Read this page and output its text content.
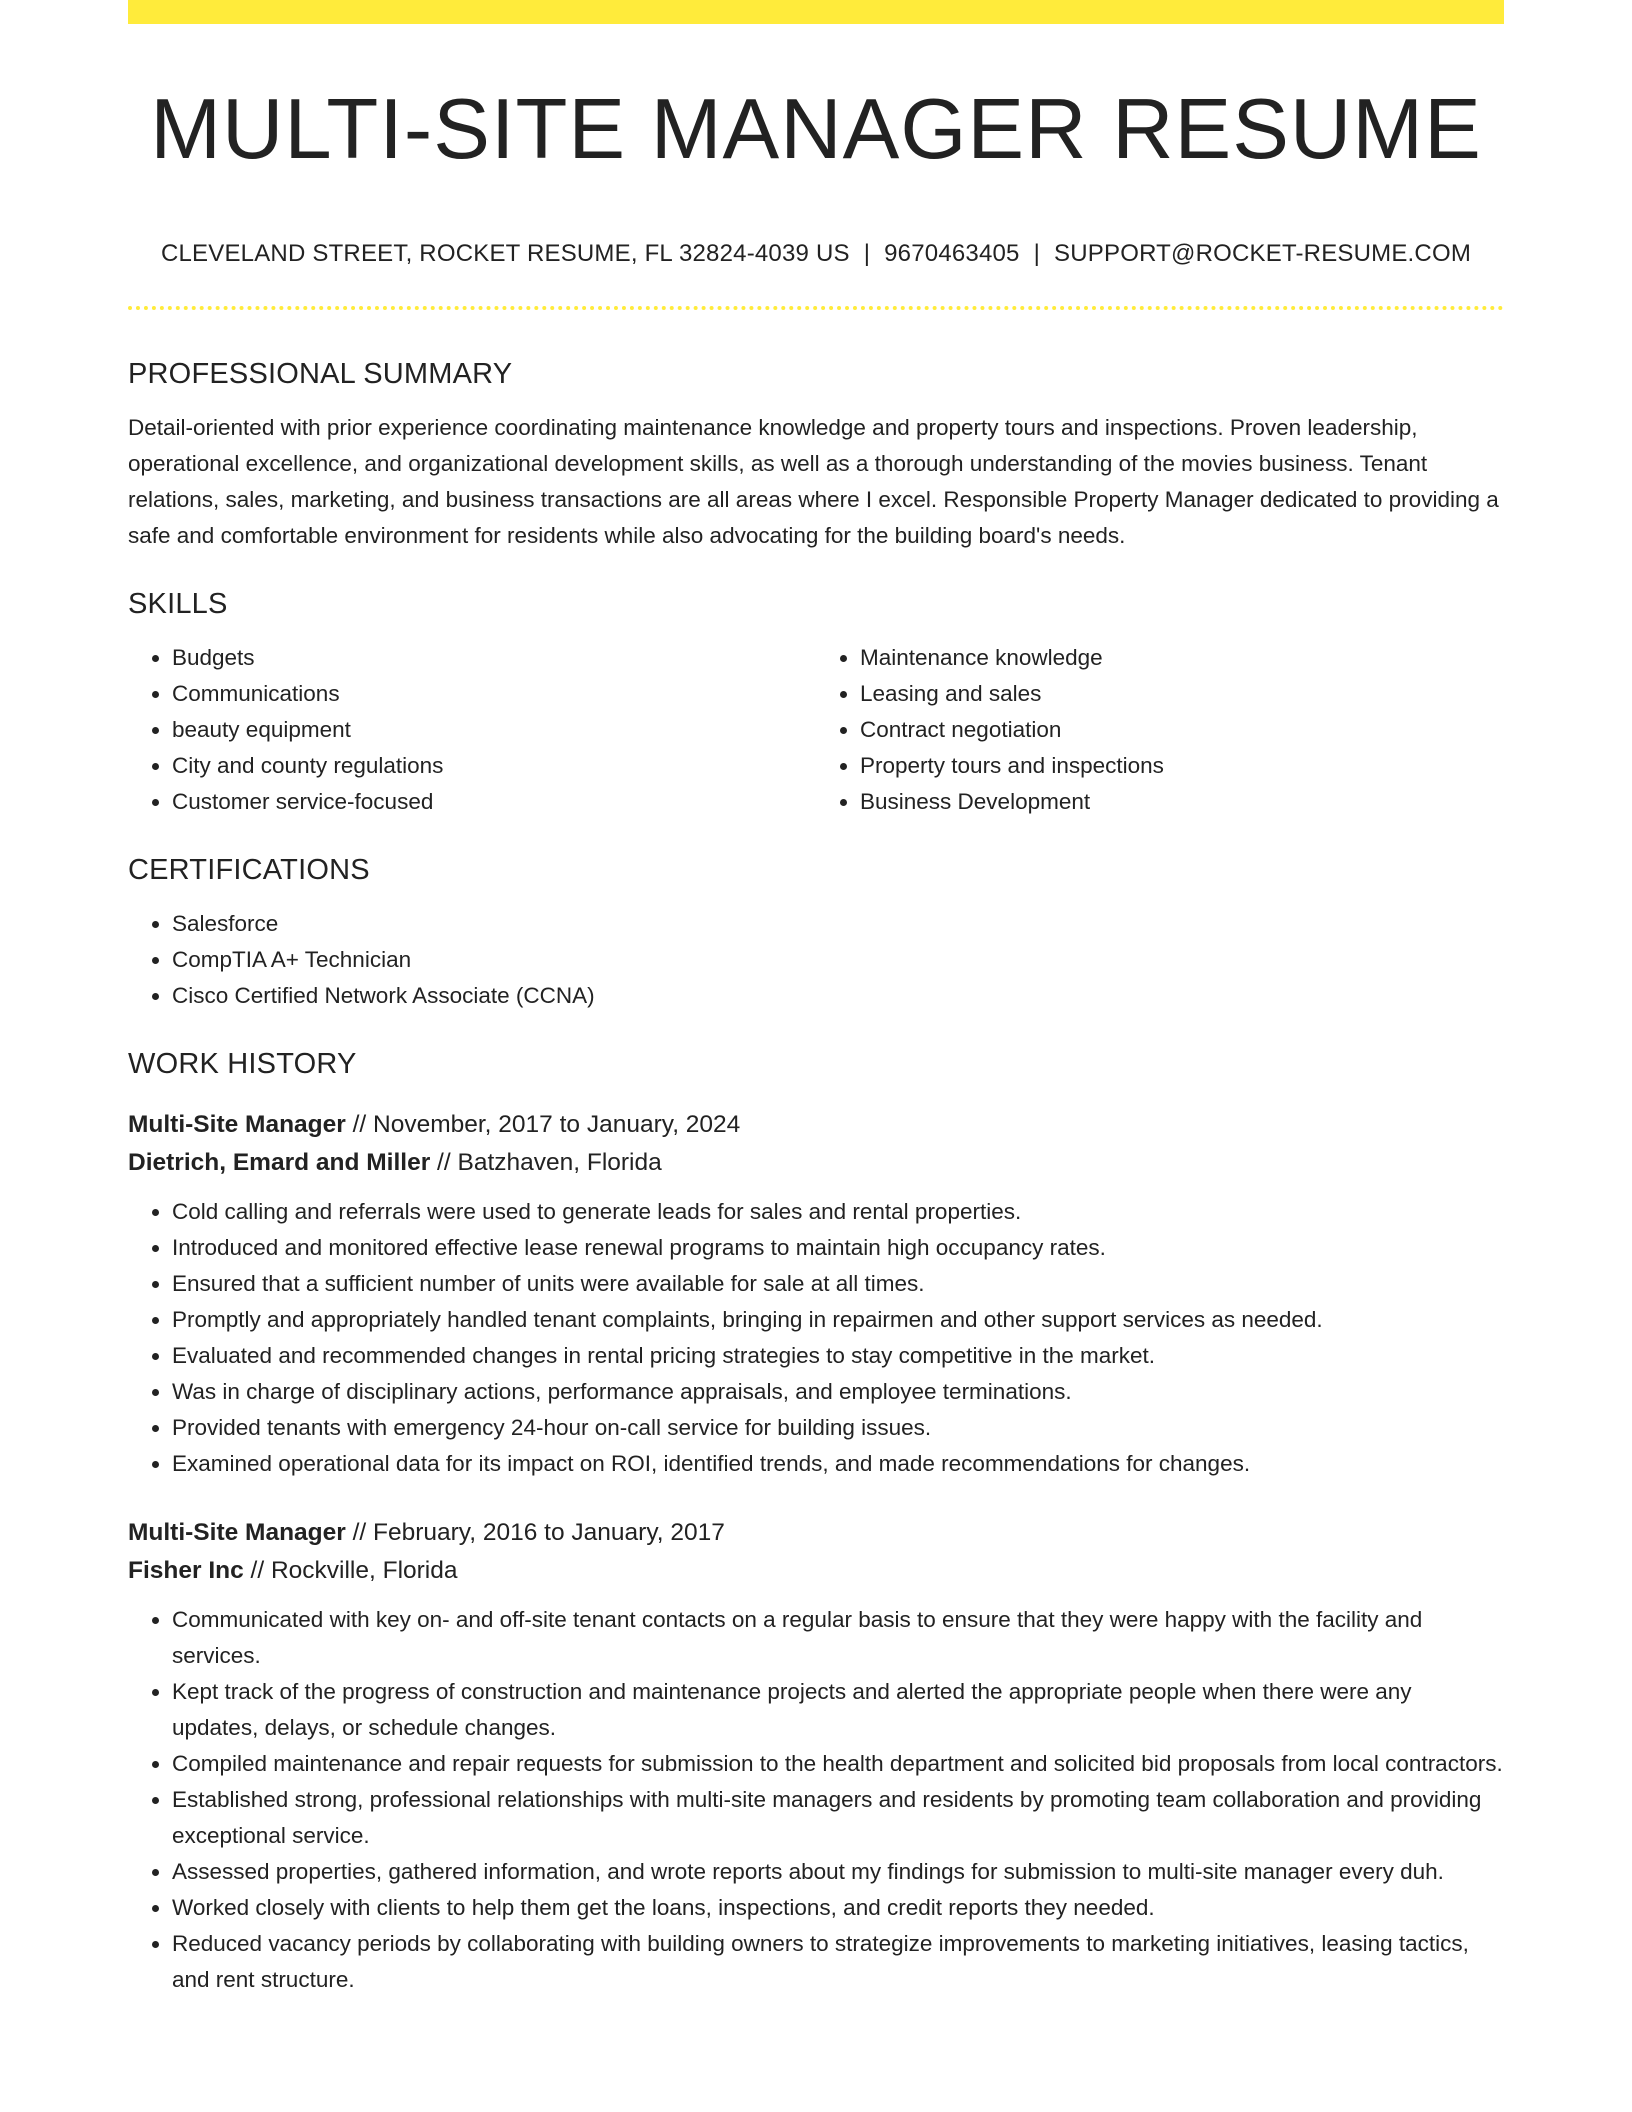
MULTI-SITE MANAGER RESUME
CLEVELAND STREET, ROCKET RESUME, FL 32824-4039 US | 9670463405 | SUPPORT@ROCKET-RESUME.COM
PROFESSIONAL SUMMARY

Detail-oriented with prior experience coordinating maintenance knowledge and property tours and inspections. Proven leadership, operational excellence, and organizational development skills, as well as a thorough understanding of the movies business. Tenant relations, sales, marketing, and business transactions are all areas where I excel. Responsible Property Manager dedicated to providing a safe and comfortable environment for residents while also advocating for the building board's needs.

SKILLS
• Budgets
• Communications
• beauty equipment
• City and county regulations
• Customer service-focused
• Maintenance knowledge
• Leasing and sales
• Contract negotiation
• Property tours and inspections
• Business Development
CERTIFICATIONS
• Salesforce
• CompTIA A+ Technician
• Cisco Certified Network Associate (CCNA)
WORK HISTORY
Multi-Site Manager // November, 2017 to January, 2024
Dietrich, Emard and Miller // Batzhaven, Florida
• Cold calling and referrals were used to generate leads for sales and rental properties.
• Introduced and monitored effective lease renewal programs to maintain high occupancy rates.
• Ensured that a sufficient number of units were available for sale at all times.
• Promptly and appropriately handled tenant complaints, bringing in repairmen and other support services as needed.
• Evaluated and recommended changes in rental pricing strategies to stay competitive in the market.
• Was in charge of disciplinary actions, performance appraisals, and employee terminations.
• Provided tenants with emergency 24-hour on-call service for building issues.
• Examined operational data for its impact on ROI, identified trends, and made recommendations for changes.
Multi-Site Manager // February, 2016 to January, 2017
Fisher Inc // Rockville, Florida
• Communicated with key on- and off-site tenant contacts on a regular basis to ensure that they were happy with the facility and services.
• Kept track of the progress of construction and maintenance projects and alerted the appropriate people when there were any updates, delays, or schedule changes.
• Compiled maintenance and repair requests for submission to the health department and solicited bid proposals from local contractors.
• Established strong, professional relationships with multi-site managers and residents by promoting team collaboration and providing exceptional service.
• Assessed properties, gathered information, and wrote reports about my findings for submission to multi-site manager every duh.
• Worked closely with clients to help them get the loans, inspections, and credit reports they needed.
• Reduced vacancy periods by collaborating with building owners to strategize improvements to marketing initiatives, leasing tactics, and rent structure.
